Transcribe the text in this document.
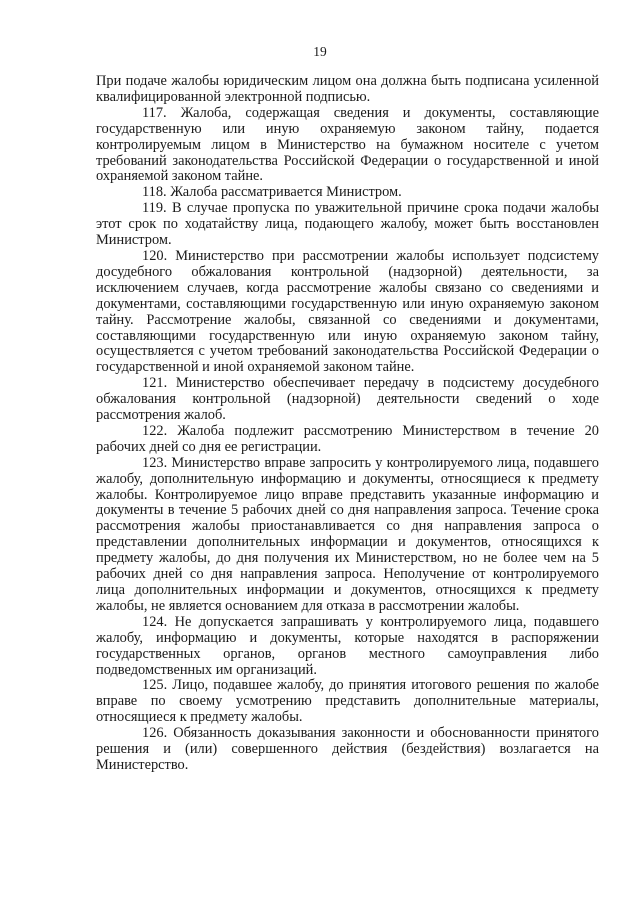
19

При подаче жалобы юридическим лицом она должна быть подписана усиленной квалифицированной электронной подписью.

117. Жалоба, содержащая сведения и документы, составляющие государственную или иную охраняемую законом тайну, подается контролируемым лицом в Министерство на бумажном носителе с учетом требований законодательства Российской Федерации о государственной и иной охраняемой законом тайне.

118. Жалоба рассматривается Министром.

119. В случае пропуска по уважительной причине срока подачи жалобы этот срок по ходатайству лица, подающего жалобу, может быть восстановлен Министром.

120. Министерство при рассмотрении жалобы использует подсистему досудебного обжалования контрольной (надзорной) деятельности, за исключением случаев, когда рассмотрение жалобы связано со сведениями и документами, составляющими государственную или иную охраняемую законом тайну. Рассмотрение жалобы, связанной со сведениями и документами, составляющими государственную или иную охраняемую законом тайну, осуществляется с учетом требований законодательства Российской Федерации о государственной и иной охраняемой законом тайне.

121. Министерство обеспечивает передачу в подсистему досудебного обжалования контрольной (надзорной) деятельности сведений о ходе рассмотрения жалоб.

122. Жалоба подлежит рассмотрению Министерством в течение 20 рабочих дней со дня ее регистрации.

123. Министерство вправе запросить у контролируемого лица, подавшего жалобу, дополнительную информацию и документы, относящиеся к предмету жалобы. Контролируемое лицо вправе представить указанные информацию и документы в течение 5 рабочих дней со дня направления запроса. Течение срока рассмотрения жалобы приостанавливается со дня направления запроса о представлении дополнительных информации и документов, относящихся к предмету жалобы, до дня получения их Министерством, но не более чем на 5 рабочих дней со дня направления запроса. Неполучение от контролируемого лица дополнительных информации и документов, относящихся к предмету жалобы, не является основанием для отказа в рассмотрении жалобы.

124. Не допускается запрашивать у контролируемого лица, подавшего жалобу, информацию и документы, которые находятся в распоряжении государственных органов, органов местного самоуправления либо подведомственных им организаций.

125. Лицо, подавшее жалобу, до принятия итогового решения по жалобе вправе по своему усмотрению представить дополнительные материалы, относящиеся к предмету жалобы.

126. Обязанность доказывания законности и обоснованности принятого решения и (или) совершенного действия (бездействия) возлагается на Министерство.
